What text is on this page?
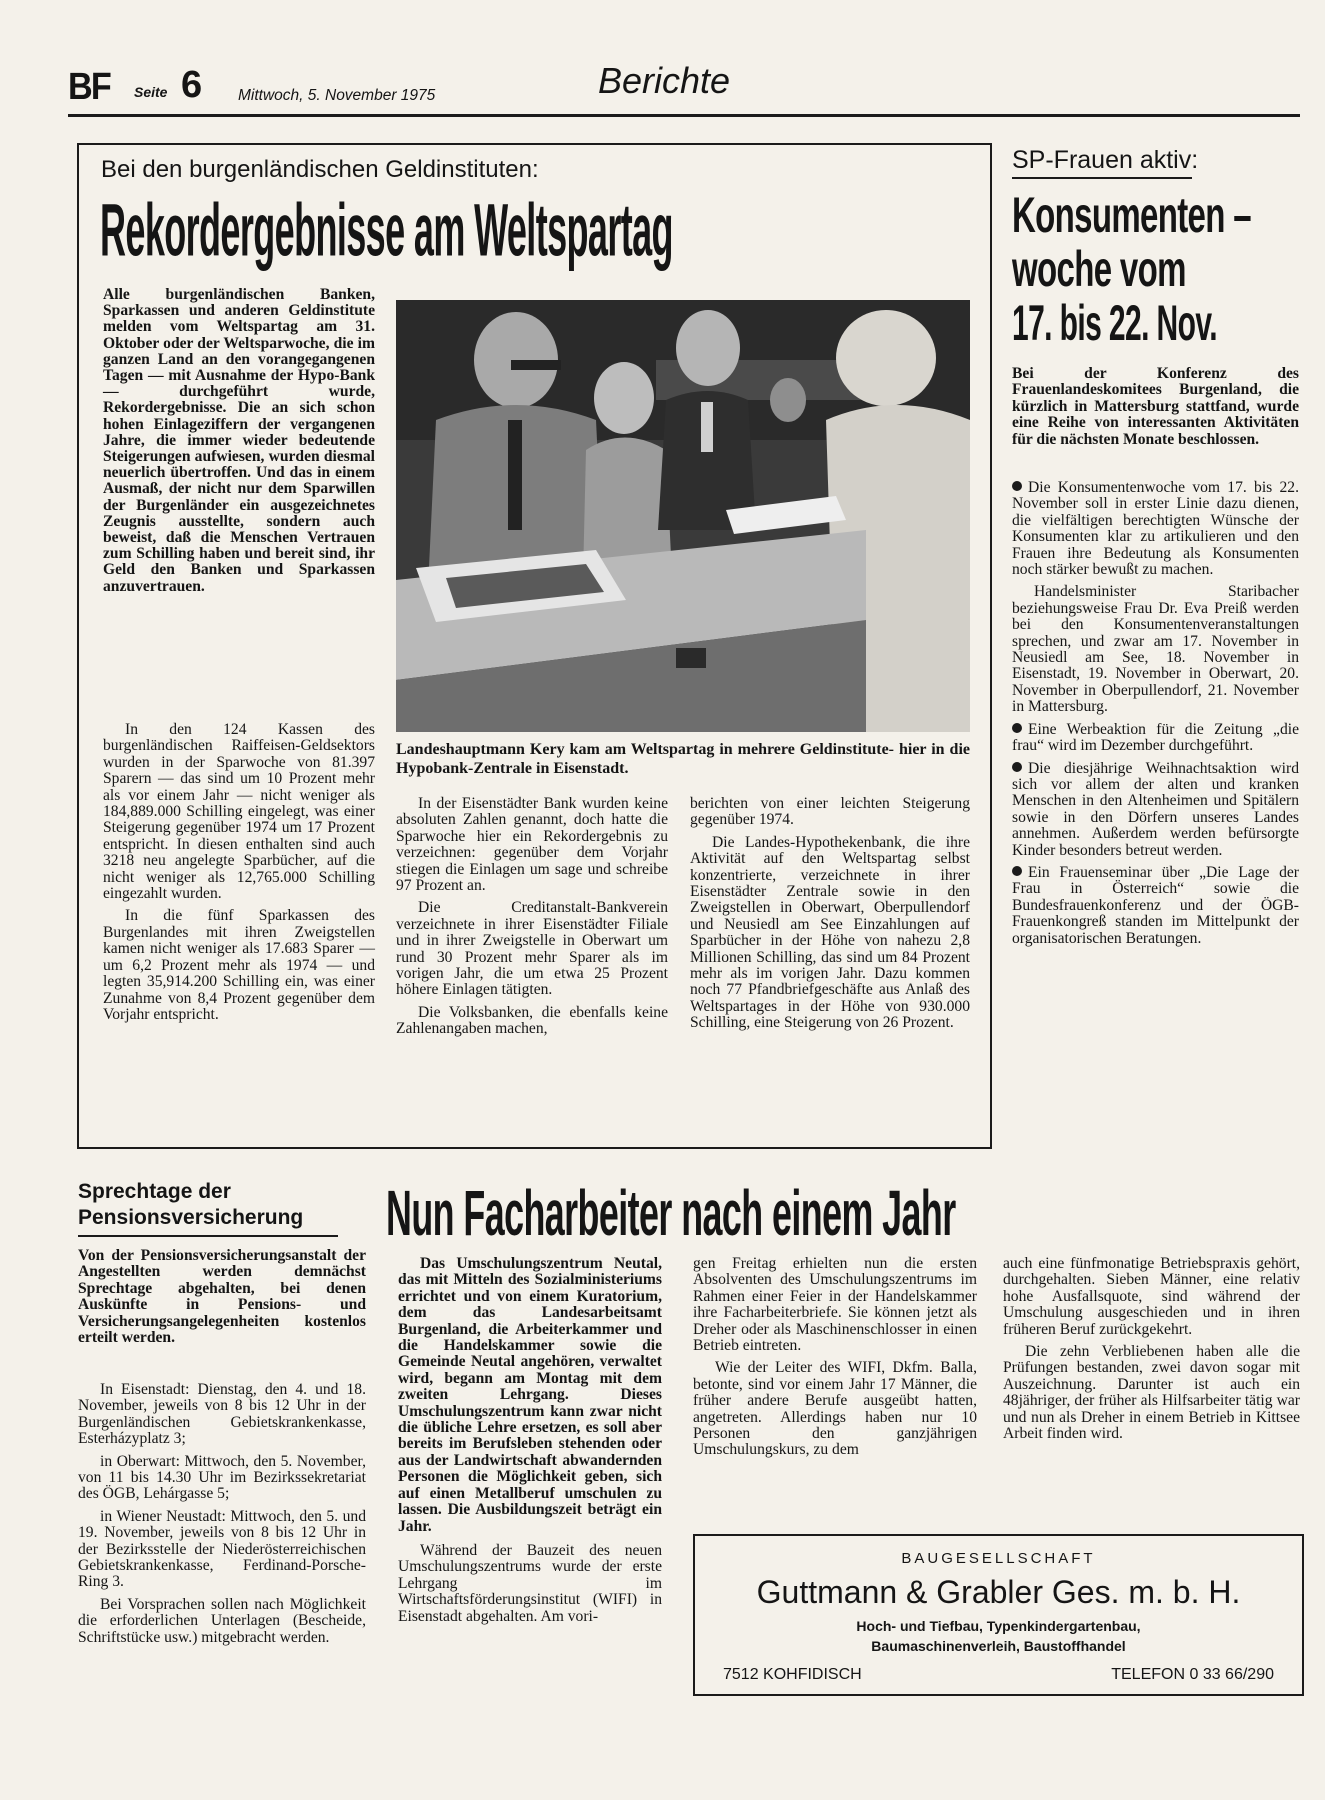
BF Seite 6 Mittwoch, 5. November 1975	Berichte
Bei den burgenländischen Geldinstituten:
Rekordergebnisse am Weltspartag
Alle burgenländischen Banken, Sparkassen und anderen Geldinstitute melden vom Weltspartag am 31. Oktober oder der Weltsparwoche, die im ganzen Land an den vorangegangenen Tagen — mit Ausnahme der Hypo-Bank — durchgeführt wurde, Rekordergebnisse. Die an sich schon hohen Einlageziffern der vergangenen Jahre, die immer wieder bedeutende Steigerungen aufwiesen, wurden diesmal neuerlich übertroffen. Und das in einem Ausmaß, der nicht nur dem Sparwillen der Burgenländer ein ausgezeichnetes Zeugnis ausstellte, sondern auch beweist, daß die Menschen Vertrauen zum Schilling haben und bereit sind, ihr Geld den Banken und Sparkassen anzuvertrauen.

In den 124 Kassen des burgenländischen Raiffeisen-Geldsektors wurden in der Sparwoche von 81.397 Sparern — das sind um 10 Prozent mehr als vor einem Jahr — nicht weniger als 184,889.000 Schilling eingelegt, was einer Steigerung gegenüber 1974 um 17 Prozent entspricht. In diesen enthalten sind auch 3218 neu angelegte Sparbücher, auf die nicht weniger als 12,765.000 Schilling eingezahlt wurden.

In die fünf Sparkassen des Burgenlandes mit ihren Zweigstellen kamen nicht weniger als 17.683 Sparer — um 6,2 Prozent mehr als 1974 — und legten 35,914.200 Schilling ein, was einer Zunahme von 8,4 Prozent gegenüber dem Vorjahr entspricht.

Landeshauptmann Kery kam am Weltspartag in mehrere Geldinstitute- hier in die Hypobank-Zentrale in Eisenstadt.

In der Eisenstädter Bank wurden keine absoluten Zahlen genannt, doch hatte die Sparwoche hier ein Rekordergebnis zu verzeichnen: gegenüber dem Vorjahr stiegen die Einlagen um sage und schreibe 97 Prozent an.

Die Creditanstalt-Bankverein verzeichnete in ihrer Eisenstädter Filiale und in ihrer Zweigstelle in Oberwart um rund 30 Prozent mehr Sparer als im vorigen Jahr, die um etwa 25 Prozent höhere Einlagen tätigten.

Die Volksbanken, die ebenfalls keine Zahlenangaben machen,

berichten von einer leichten Steigerung gegenüber 1974.

Die Landes-Hypothekenbank, die ihre Aktivität auf den Weltspartag selbst konzentrierte, verzeichnete in ihrer Eisenstädter Zentrale sowie in den Zweigstellen in Oberwart, Oberpullendorf und Neusiedl am See Einzahlungen auf Sparbücher in der Höhe von nahezu 2,8 Millionen Schilling, das sind um 84 Prozent mehr als im vorigen Jahr. Dazu kommen noch 77 Pfandbriefgeschäfte aus Anlaß des Weltspartages in der Höhe von 930.000 Schilling, eine Steigerung von 26 Prozent.

SP-Frauen aktiv:
Konsumenten –
woche vom
17. bis 22. Nov.
Bei der Konferenz des Frauenlandeskomitees Burgenland, die kürzlich in Mattersburg stattfand, wurde eine Reihe von interessanten Aktivitäten für die nächsten Monate beschlossen.

Die Konsumentenwoche vom 17. bis 22. November soll in erster Linie dazu dienen, die vielfältigen berechtigten Wünsche der Konsumenten klar zu artikulieren und den Frauen ihre Bedeutung als Konsumenten noch stärker bewußt zu machen.

Handelsminister Staribacher beziehungsweise Frau Dr. Eva Preiß werden bei den Konsumentenveranstaltungen sprechen, und zwar am 17. November in Neusiedl am See, 18. November in Eisenstadt, 19. November in Oberwart, 20. November in Oberpullendorf, 21. November in Mattersburg.

Eine Werbeaktion für die Zeitung „die frau“ wird im Dezember durchgeführt.

Die diesjährige Weihnachtsaktion wird sich vor allem der alten und kranken Menschen in den Altenheimen und Spitälern sowie in den Dörfern unseres Landes annehmen. Außerdem werden befürsorgte Kinder besonders betreut werden.

Ein Frauenseminar über „Die Lage der Frau in Österreich“ sowie die Bundesfrauenkonferenz und der ÖGB-Frauenkongreß standen im Mittelpunkt der organisatorischen Beratungen.

Sprechtage der
Pensionsversicherung
Von der Pensionsversicherungsanstalt der Angestellten werden demnächst Sprechtage abgehalten, bei denen Auskünfte in Pensions- und Versicherungsangelegenheiten kostenlos erteilt werden.

In Eisenstadt: Dienstag, den 4. und 18. November, jeweils von 8 bis 12 Uhr in der Burgenländischen Gebietskrankenkasse, Esterházyplatz 3;

in Oberwart: Mittwoch, den 5. November, von 11 bis 14.30 Uhr im Bezirkssekretariat des ÖGB, Lehárgasse 5;

in Wiener Neustadt: Mittwoch, den 5. und 19. November, jeweils von 8 bis 12 Uhr in der Bezirksstelle der Niederösterreichischen Gebietskrankenkasse, Ferdinand-Porsche-Ring 3.

Bei Vorsprachen sollen nach Möglichkeit die erforderlichen Unterlagen (Bescheide, Schriftstücke usw.) mitgebracht werden.

Nun Facharbeiter nach einem Jahr

Das Umschulungszentrum Neutal, das mit Mitteln des Sozialministeriums errichtet und von einem Kuratorium, dem das Landesarbeitsamt Burgenland, die Arbeiterkammer und die Handelskammer sowie die Gemeinde Neutal angehören, verwaltet wird, begann am Montag mit dem zweiten Lehrgang. Dieses Umschulungszentrum kann zwar nicht die übliche Lehre ersetzen, es soll aber bereits im Berufsleben stehenden oder aus der Landwirtschaft abwandernden Personen die Möglichkeit geben, sich auf einen Metallberuf umschulen zu lassen. Die Ausbildungszeit beträgt ein Jahr.

Während der Bauzeit des neuen Umschulungszentrums wurde der erste Lehrgang im Wirtschaftsförderungsinstitut (WIFI) in Eisenstadt abgehalten. Am vori-

gen Freitag erhielten nun die ersten Absolventen des Umschulungszentrums im Rahmen einer Feier in der Handelskammer ihre Facharbeiterbriefe. Sie können jetzt als Dreher oder als Maschinenschlosser in einen Betrieb eintreten.

Wie der Leiter des WIFI, Dkfm. Balla, betonte, sind vor einem Jahr 17 Männer, die früher andere Berufe ausgeübt hatten, angetreten. Allerdings haben nur 10 Personen den ganzjährigen Umschulungskurs, zu dem

auch eine fünfmonatige Betriebspraxis gehört, durchgehalten. Sieben Männer, eine relativ hohe Ausfallsquote, sind während der Umschulung ausgeschieden und in ihren früheren Beruf zurückgekehrt.

Die zehn Verbliebenen haben alle die Prüfungen bestanden, zwei davon sogar mit Auszeichnung. Darunter ist auch ein 48jähriger, der früher als Hilfsarbeiter tätig war und nun als Dreher in einem Betrieb in Kittsee Arbeit finden wird.

BAUGESELLSCHAFT
Guttmann & Grabler Ges. m. b. H.
Hoch- und Tiefbau, Typenkindergartenbau,
Baumaschinenverleih, Baustoffhandel
7512 KOHFIDISCH	TELEFON 0 33 66/290
